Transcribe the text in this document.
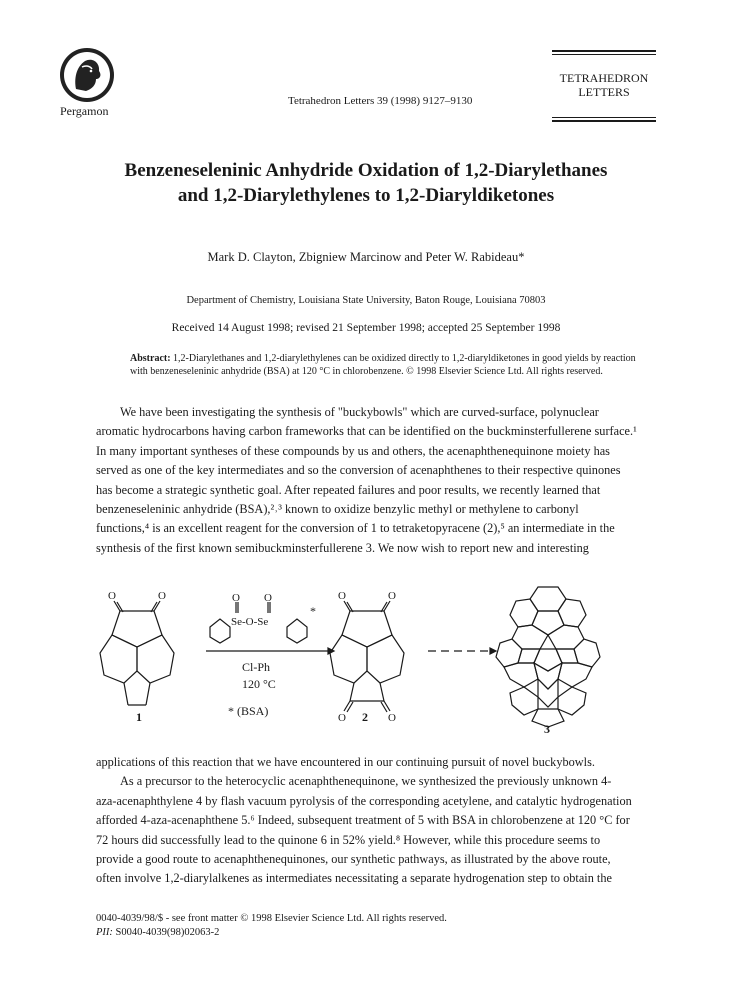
Pergamon
Tetrahedron Letters 39 (1998) 9127–9130
TETRAHEDRON
LETTERS
Benzeneseleninic Anhydride Oxidation of 1,2-Diarylethanes
and 1,2-Diarylethylenes to 1,2-Diaryldiketones
Mark D. Clayton, Zbigniew Marcinow and Peter W. Rabideau*
Department of Chemistry, Louisiana State University, Baton Rouge, Louisiana 70803
Received 14 August 1998; revised 21 September 1998; accepted 25 September 1998
Abstract: 1,2-Diarylethanes and 1,2-diarylethylenes can be oxidized directly to 1,2-diaryldiketones in good yields by reaction with benzeneseleninic anhydride (BSA) at 120 °C in chlorobenzene. © 1998 Elsevier Science Ltd. All rights reserved.
We have been investigating the synthesis of "buckybowls" which are curved-surface, polynuclear
aromatic hydrocarbons having carbon frameworks that can be identified on the buckminsterfullerene surface.¹
In many important syntheses of these compounds by us and others, the acenaphthenequinone moiety has
served as one of the key intermediates and so the conversion of acenaphthenes to their respective quinones
has become a strategic synthetic goal. After repeated failures and poor results, we recently learned that
benzeneseleninic anhydride (BSA),²˒³ known to oxidize benzylic methyl or methylene to carbonyl
functions,⁴ is an excellent reagent for the conversion of 1 to tetraketopyracene (2),⁵ an intermediate in the
synthesis of the first known semibuckminsterfullerene 3. We now wish to report new and interesting
O	O
1
O O
Se-O-Se
*
Cl-Ph
120 °C
* (BSA)
O	O
O	O
2
3
applications of this reaction that we have encountered in our continuing pursuit of novel buckybowls.
As a precursor to the heterocyclic acenaphthenequinone, we synthesized the previously unknown 4-
aza-acenaphthylene 4 by flash vacuum pyrolysis of the corresponding acetylene, and catalytic hydrogenation
afforded 4-aza-acenaphthene 5.⁶ Indeed, subsequent treatment of 5 with BSA in chlorobenzene at 120 °C for
72 hours did successfully lead to the quinone 6 in 52% yield.⁸ However, while this procedure seems to
provide a good route to acenaphthenequinones, our synthetic pathways, as illustrated by the above route,
often involve 1,2-diarylalkenes as intermediates necessitating a separate hydrogenation step to obtain the
0040-4039/98/$ - see front matter © 1998 Elsevier Science Ltd. All rights reserved.
PII: S0040-4039(98)02063-2
